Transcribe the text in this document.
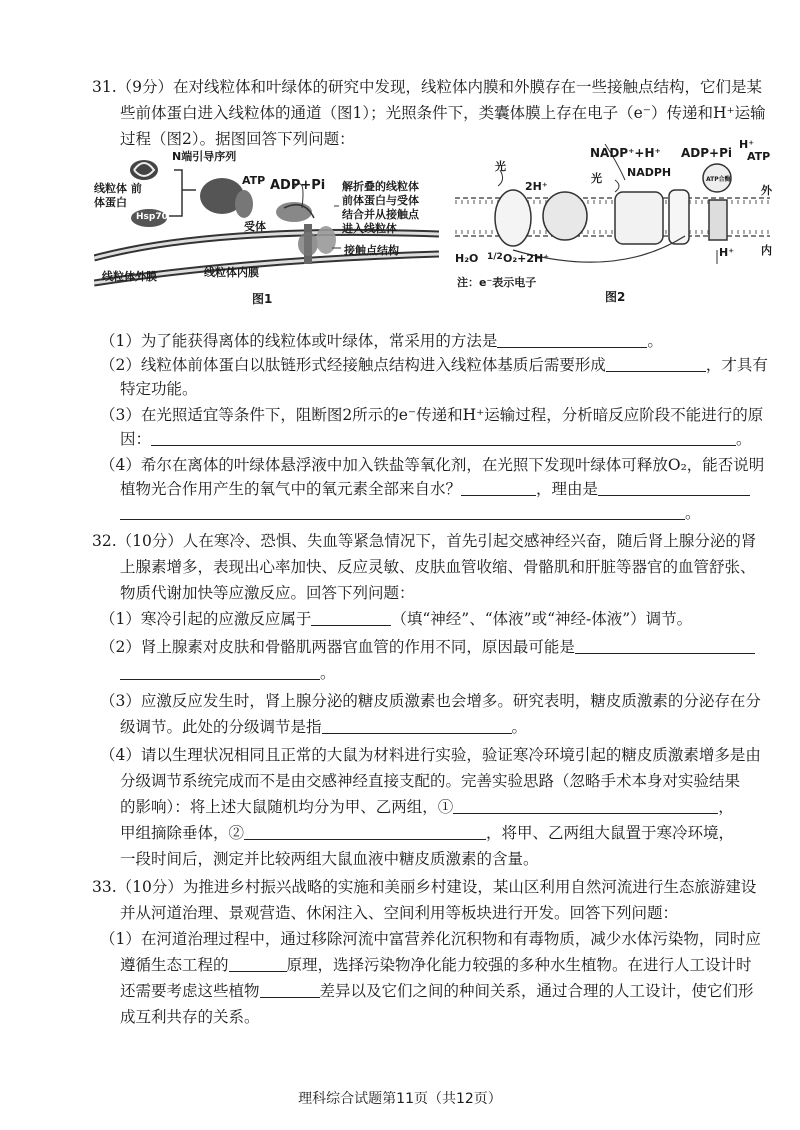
31.（9分）在对线粒体和叶绿体的研究中发现，线粒体内膜和外膜存在一些接触点结构，它们是某
些前体蛋白进入线粒体的通道（图1）；光照条件下，类囊体膜上存在电子（e⁻）传递和H⁺运输
过程（图2）。据图回答下列问题：
N端引导序列
线粒体 前体蛋白
Hsp70
ATP ADP+Pi
受体
解折叠的线粒体
前体蛋白与受体
结合并从接触点
进入线粒体
接触点结构
线粒体外膜	线粒体内膜
图1
光
光
2H⁺
NADP⁺+H⁺
NADPH
ADP+Pi
H⁺
ATP
ATP合酶
外
内
H₂O 1/2 O₂+2H⁺	H⁺
注：e⁻表示电子
图2
（1）为了能获得离体的线粒体或叶绿体，常采用的方法是	。
（2）线粒体前体蛋白以肽链形式经接触点结构进入线粒体基质后需要形成	，才具有
特定功能。
（3）在光照适宜等条件下，阻断图2所示的e⁻传递和H⁺运输过程，分析暗反应阶段不能进行的原
因：	。
（4）希尔在离体的叶绿体悬浮液中加入铁盐等氧化剂，在光照下发现叶绿体可释放O₂，能否说明
植物光合作用产生的氧气中的氧元素全部来自水？	，理由是
。
32.（10分）人在寒冷、恐惧、失血等紧急情况下，首先引起交感神经兴奋，随后肾上腺分泌的肾
上腺素增多，表现出心率加快、反应灵敏、皮肤血管收缩、骨骼肌和肝脏等器官的血管舒张、
物质代谢加快等应激反应。回答下列问题：
（1）寒冷引起的应激反应属于	（填“神经”、“体液”或“神经-体液”）调节。
（2）肾上腺素对皮肤和骨骼肌两器官血管的作用不同，原因最可能是
。
（3）应激反应发生时，肾上腺分泌的糖皮质激素也会增多。研究表明，糖皮质激素的分泌存在分
级调节。此处的分级调节是指	。
（4）请以生理状况相同且正常的大鼠为材料进行实验，验证寒冷环境引起的糖皮质激素增多是由
分级调节系统完成而不是由交感神经直接支配的。完善实验思路（忽略手术本身对实验结果
的影响）：将上述大鼠随机均分为甲、乙两组，①	，
甲组摘除垂体，②	，将甲、乙两组大鼠置于寒冷环境，
一段时间后，测定并比较两组大鼠血液中糖皮质激素的含量。
33.（10分）为推进乡村振兴战略的实施和美丽乡村建设，某山区利用自然河流进行生态旅游建设
并从河道治理、景观营造、休闲注入、空间利用等板块进行开发。回答下列问题：
（1）在河道治理过程中，通过移除河流中富营养化沉积物和有毒物质，减少水体污染物，同时应
遵循生态工程的	原理，选择污染物净化能力较强的多种水生植物。在进行人工设计时
还需要考虑这些植物	差异以及它们之间的种间关系，通过合理的人工设计，使它们形
成互利共存的关系。
理科综合试题第11页（共12页）
